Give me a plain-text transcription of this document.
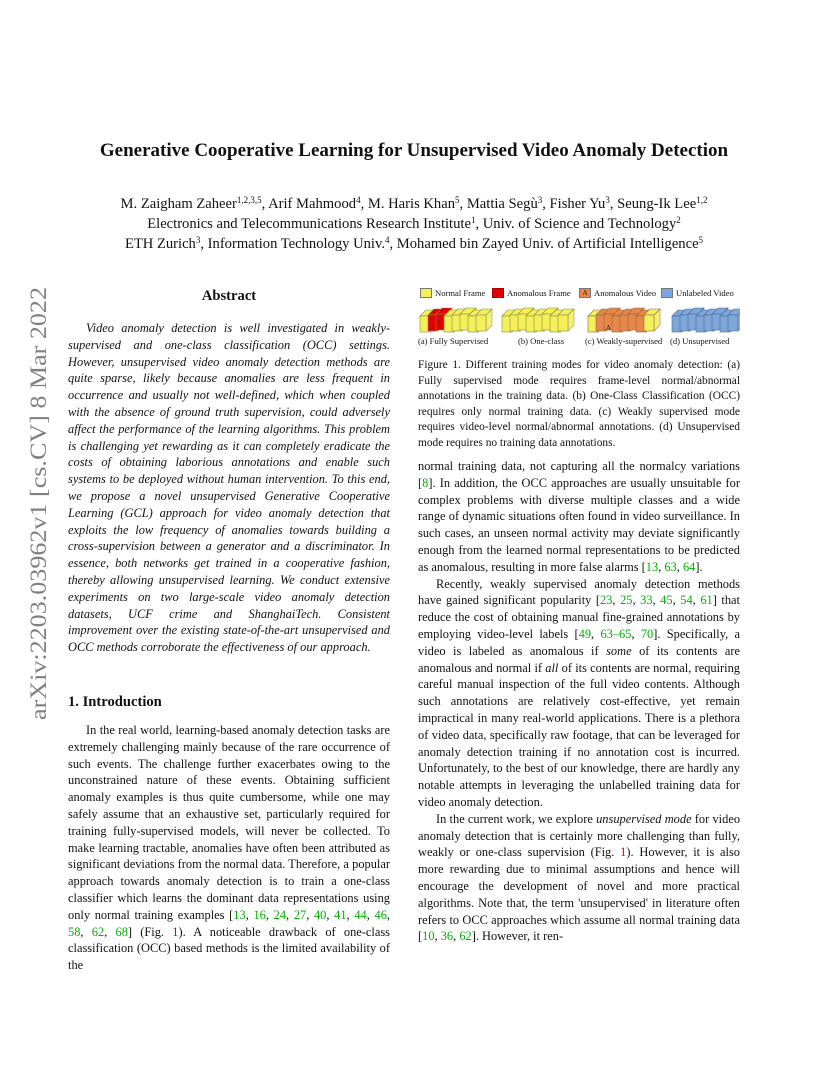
arXiv:2203.03962v1 [cs.CV] 8 Mar 2022
Generative Cooperative Learning for Unsupervised Video Anomaly Detection
M. Zaigham Zaheer$^{1,2,3,5}$, Arif Mahmood$^4$, M. Haris Khan$^5$, Mattia Segù$^3$, Fisher Yu$^3$, Seung-Ik Lee$^{1,2}$
Electronics and Telecommunications Research Institute$^1$, Univ. of Science and Technology$^2$
ETH Zurich$^3$, Information Technology Univ.$^4$, Mohamed bin Zayed Univ. of Artificial Intelligence$^5$
Abstract

Video anomaly detection is well investigated in weakly-supervised and one-class classification (OCC) settings. However, unsupervised video anomaly detection methods are quite sparse, likely because anomalies are less frequent in occurrence and usually not well-defined, which when coupled with the absence of ground truth supervision, could adversely affect the performance of the learning algorithms. This problem is challenging yet rewarding as it can completely eradicate the costs of obtaining laborious annotations and enable such systems to be deployed without human intervention. To this end, we propose a novel unsupervised Generative Cooperative Learning (GCL) approach for video anomaly detection that exploits the low frequency of anomalies towards building a cross-supervision between a generator and a discriminator. In essence, both networks get trained in a cooperative fashion, thereby allowing unsupervised learning. We conduct extensive experiments on two large-scale video anomaly detection datasets, UCF crime and ShanghaiTech. Consistent improvement over the existing state-of-the-art unsupervised and OCC methods corroborate the effectiveness of our approach.

1. Introduction

In the real world, learning-based anomaly detection tasks are extremely challenging mainly because of the rare occurrence of such events. The challenge further exacerbates owing to the unconstrained nature of these events. Obtaining sufficient anomaly examples is thus quite cumbersome, while one may safely assume that an exhaustive set, particularly required for training fully-supervised models, will never be collected. To make learning tractable, anomalies have often been attributed as significant deviations from the normal data. Therefore, a popular approach towards anomaly detection is to train a one-class classifier which learns the dominant data representations using only normal training examples [13, 16, 24, 27, 40, 41, 44, 46, 58, 62, 68] (Fig. 1). A noticeable drawback of one-class classification (OCC) based methods is the limited availability of the

Normal Frame	Anomalous Frame	A Anomalous Video Unlabeled Video
A
(a) Fully Supervised	(b) One-class (c) Weakly-supervised (d) Unsupervised

Figure 1. Different training modes for video anomaly detection: (a) Fully supervised mode requires frame-level normal/abnormal annotations in the training data. (b) One-Class Classification (OCC) requires only normal training data. (c) Weakly supervised mode requires video-level normal/abnormal annotations. (d) Unsupervised mode requires no training data annotations.

normal training data, not capturing all the normalcy variations [8]. In addition, the OCC approaches are usually unsuitable for complex problems with diverse multiple classes and a wide range of dynamic situations often found in video surveillance. In such cases, an unseen normal activity may deviate significantly enough from the learned normal representations to be predicted as anomalous, resulting in more false alarms [13, 63, 64].

Recently, weakly supervised anomaly detection methods have gained significant popularity [23, 25, 33, 45, 54, 61] that reduce the cost of obtaining manual fine-grained annotations by employing video-level labels [49, 63–65, 70]. Specifically, a video is labeled as anomalous if some of its contents are anomalous and normal if all of its contents are normal, requiring careful manual inspection of the full video contents. Although such annotations are relatively cost-effective, yet remain impractical in many real-world applications. There is a plethora of video data, specifically raw footage, that can be leveraged for anomaly detection training if no annotation cost is incurred. Unfortunately, to the best of our knowledge, there are hardly any notable attempts in leveraging the unlabelled training data for video anomaly detection.

In the current work, we explore unsupervised mode for video anomaly detection that is certainly more challenging than fully, weakly or one-class supervision (Fig. 1). However, it is also more rewarding due to minimal assumptions and hence will encourage the development of novel and more practical algorithms. Note that, the term 'unsupervised' in literature often refers to OCC approaches which assume all normal training data [10, 36, 62]. However, it ren-
